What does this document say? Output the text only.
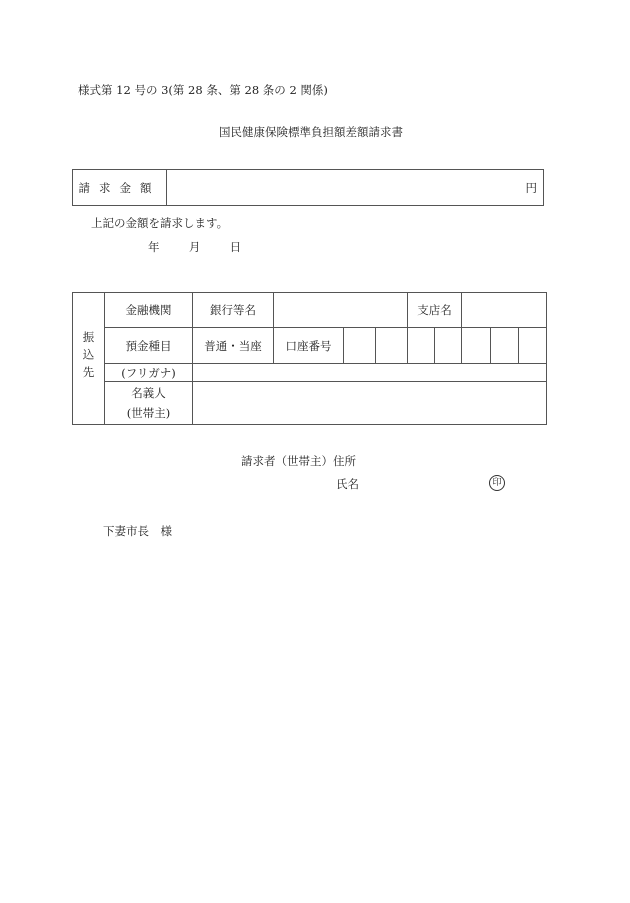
様式第 12 号の 3(第 28 条、第 28 条の 2 関係)
国民健康保険標準負担額差額請求書
請求金額	円
上記の金額を請求します。
年	月	日
振込先	金融機関	銀行等名				支店名				
	預金種目	普通・当座	口座番号							
	(フリガナ)									

	名義人
(世帯主)									

請求者（世帯主）住所
氏名	印
下妻市長　様
